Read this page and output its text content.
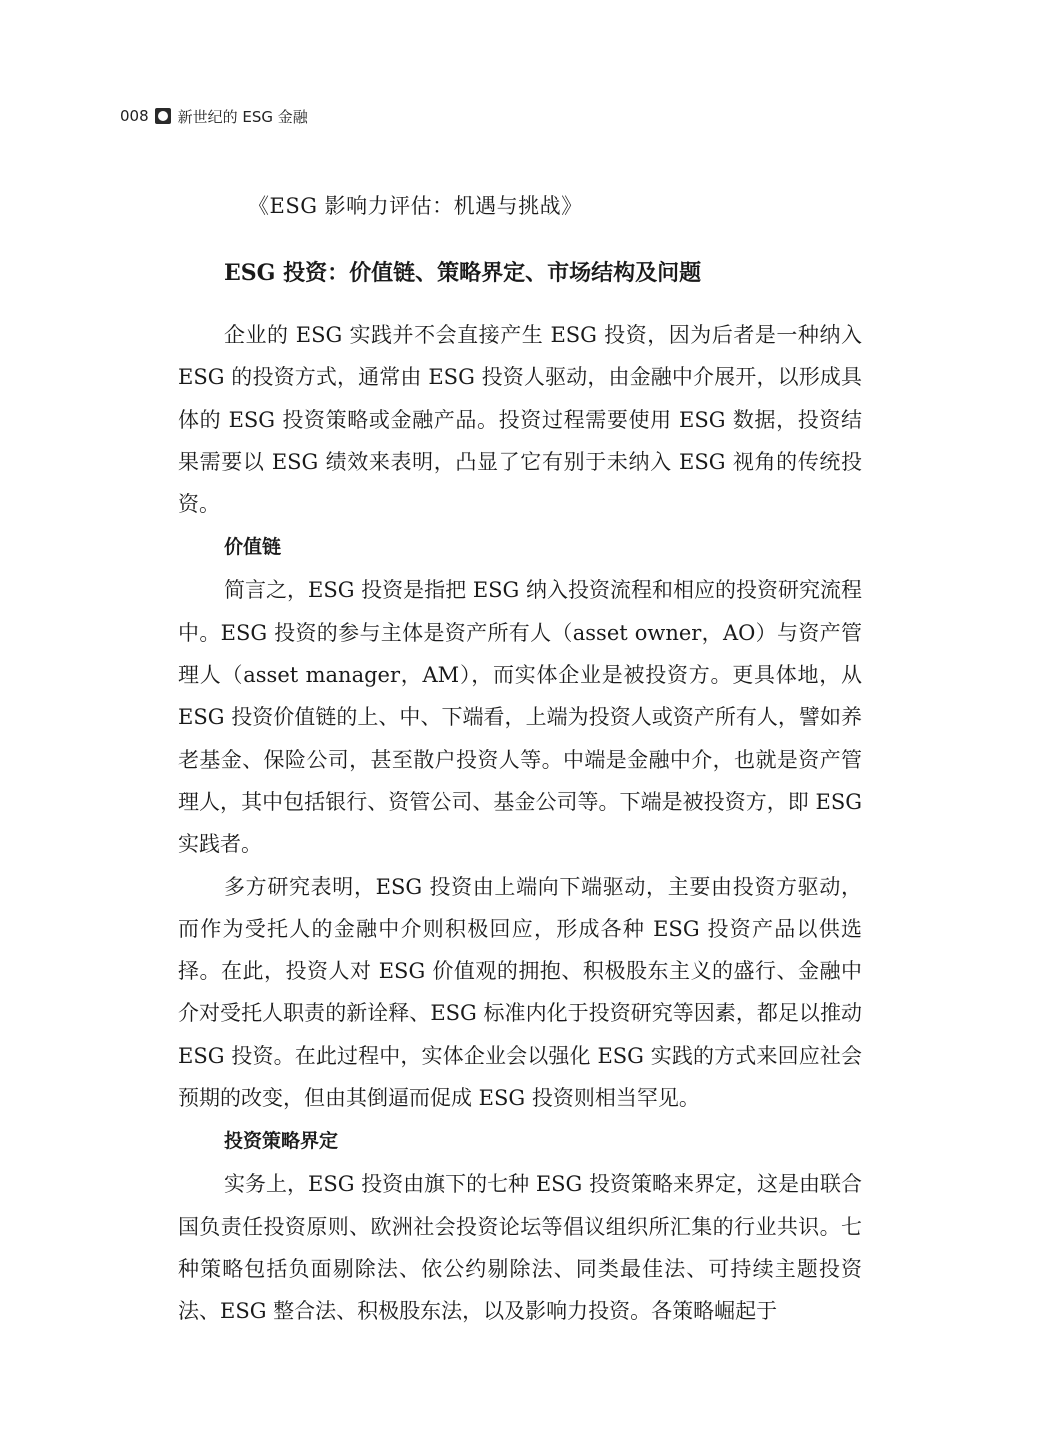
008 新世纪的 ESG 金融
《ESG 影响力评估：机遇与挑战》
ESG 投资：价值链、策略界定、市场结构及问题

企业的 ESG 实践并不会直接产生 ESG 投资，因为后者是一种纳入 ESG 的投资方式，通常由 ESG 投资人驱动，由金融中介展开，以形成具体的 ESG 投资策略或金融产品。投资过程需要使用 ESG 数据，投资结果需要以 ESG 绩效来表明，凸显了它有别于未纳入 ESG 视角的传统投资。

价值链

简言之，ESG 投资是指把 ESG 纳入投资流程和相应的投资研究流程中。ESG 投资的参与主体是资产所有人（asset owner，AO）与资产管理人（asset manager，AM），而实体企业是被投资方。更具体地，从 ESG 投资价值链的上、中、下端看，上端为投资人或资产所有人，譬如养老基金、保险公司，甚至散户投资人等。中端是金融中介，也就是资产管理人，其中包括银行、资管公司、基金公司等。下端是被投资方，即 ESG 实践者。

多方研究表明，ESG 投资由上端向下端驱动，主要由投资方驱动，而作为受托人的金融中介则积极回应，形成各种 ESG 投资产品以供选择。在此，投资人对 ESG 价值观的拥抱、积极股东主义的盛行、金融中介对受托人职责的新诠释、ESG 标准内化于投资研究等因素，都足以推动 ESG 投资。在此过程中，实体企业会以强化 ESG 实践的方式来回应社会预期的改变，但由其倒逼而促成 ESG 投资则相当罕见。

投资策略界定

实务上，ESG 投资由旗下的七种 ESG 投资策略来界定，这是由联合国负责任投资原则、欧洲社会投资论坛等倡议组织所汇集的行业共识。七种策略包括负面剔除法、依公约剔除法、同类最佳法、可持续主题投资法、ESG 整合法、积极股东法，以及影响力投资。各策略崛起于
